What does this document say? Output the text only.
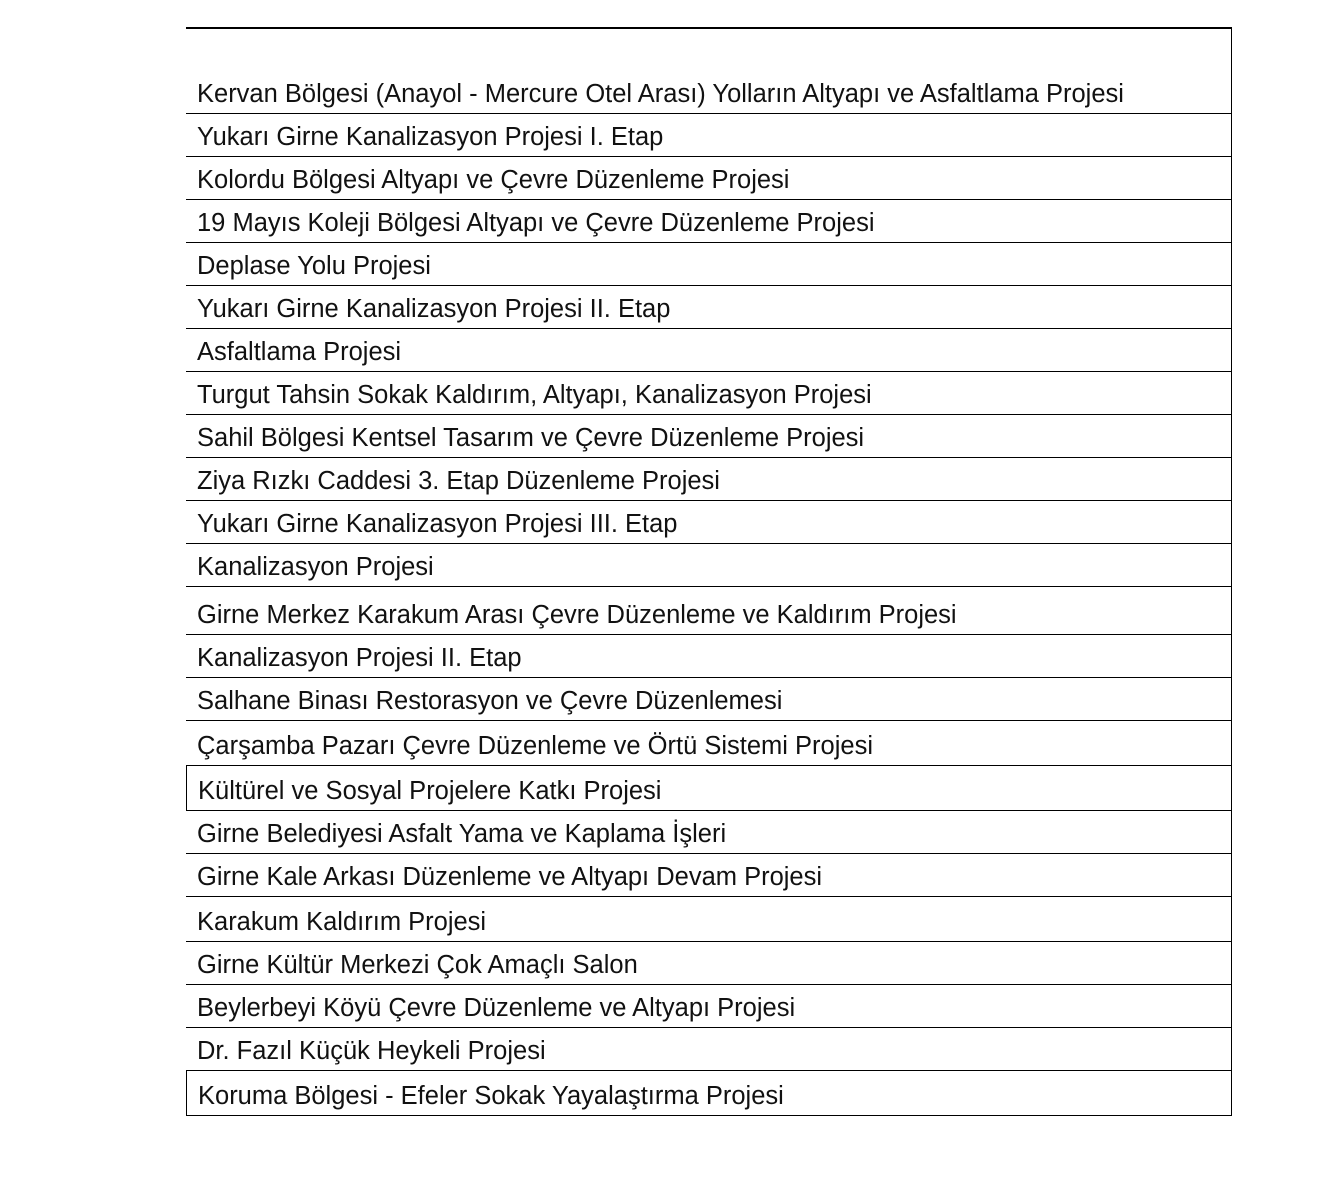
Kervan Bölgesi (Anayol - Mercure Otel Arası) Yolların Altyapı ve Asfaltlama Projesi
Yukarı Girne Kanalizasyon Projesi I. Etap
Kolordu Bölgesi Altyapı ve Çevre Düzenleme Projesi
19 Mayıs Koleji Bölgesi Altyapı ve Çevre Düzenleme Projesi
Deplase Yolu Projesi
Yukarı Girne Kanalizasyon Projesi II. Etap
Asfaltlama Projesi
Turgut Tahsin Sokak Kaldırım, Altyapı, Kanalizasyon Projesi
Sahil Bölgesi Kentsel Tasarım ve Çevre Düzenleme Projesi
Ziya Rızkı Caddesi 3. Etap Düzenleme Projesi
Yukarı Girne Kanalizasyon Projesi III. Etap
Kanalizasyon Projesi
Girne Merkez Karakum Arası Çevre Düzenleme ve Kaldırım Projesi
Kanalizasyon Projesi II. Etap
Salhane Binası Restorasyon ve Çevre Düzenlemesi
Çarşamba Pazarı Çevre Düzenleme ve Örtü Sistemi Projesi
Kültürel ve Sosyal Projelere Katkı Projesi
Girne Belediyesi Asfalt Yama ve Kaplama İşleri
Girne Kale Arkası Düzenleme ve Altyapı Devam Projesi
Karakum Kaldırım Projesi
Girne Kültür Merkezi Çok Amaçlı Salon
Beylerbeyi Köyü Çevre Düzenleme ve Altyapı Projesi
Dr. Fazıl Küçük Heykeli Projesi
Koruma Bölgesi - Efeler Sokak Yayalaştırma Projesi
